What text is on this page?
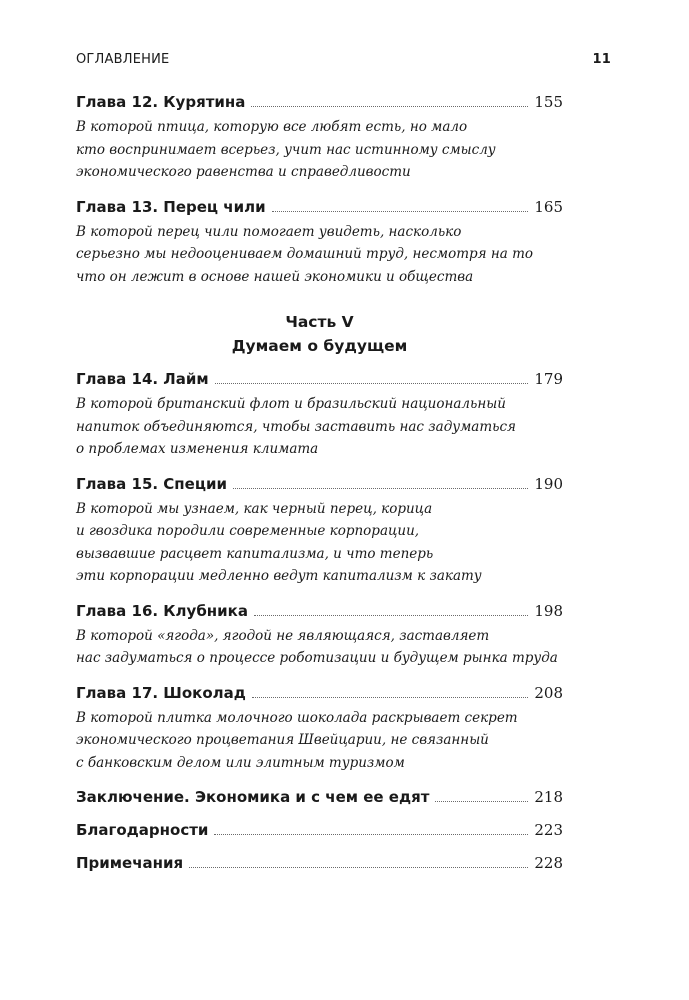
ОГЛАВЛЕНИЕ	11
Глава 12. Курятина	155
В которой птица, которую все любят есть, но мало
кто воспринимает всерьез, учит нас истинному смыслу
экономического равенства и справедливости
Глава 13. Перец чили	165
В которой перец чили помогает увидеть, насколько
серьезно мы недооцениваем домашний труд, несмотря на то
что он лежит в основе нашей экономики и общества
Часть V
Думаем о будущем
Глава 14. Лайм	179
В которой британский флот и бразильский национальный
напиток объединяются, чтобы заставить нас задуматься
о проблемах изменения климата
Глава 15. Специи	190
В которой мы узнаем, как черный перец, корица
и гвоздика породили современные корпорации,
вызвавшие расцвет капитализма, и что теперь
эти корпорации медленно ведут капитализм к закату
Глава 16. Клубника	198
В которой «ягода», ягодой не являющаяся, заставляет
нас задуматься о процессе роботизации и будущем рынка труда
Глава 17. Шоколад	208
В которой плитка молочного шоколада раскрывает секрет
экономического процветания Швейцарии, не связанный
с банковским делом или элитным туризмом
Заключение. Экономика и с чем ее едят	218
Благодарности	223
Примечания	228
